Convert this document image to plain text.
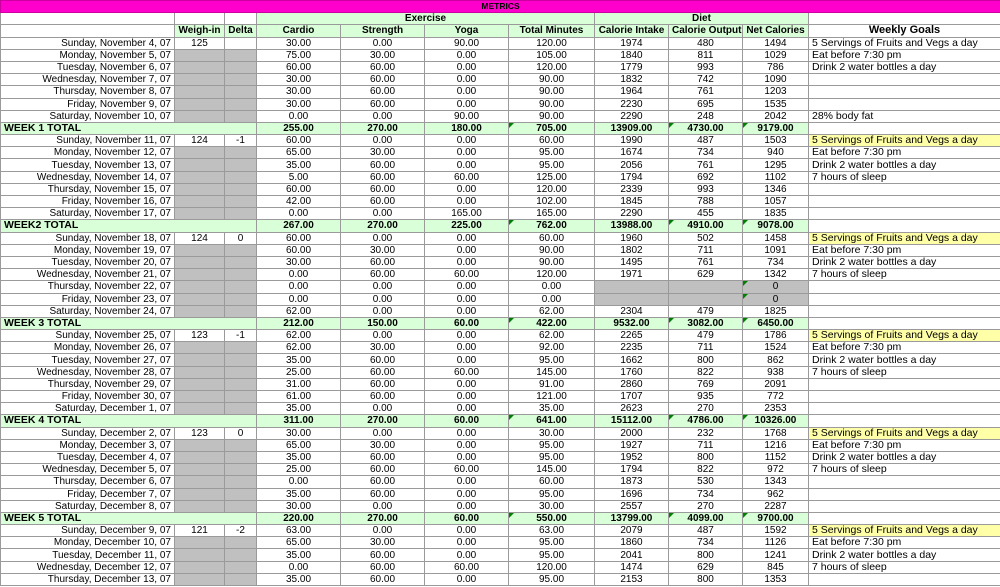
METRICS										
			Exercise				Diet			
	Weigh-in	Delta	Cardio	Strength	Yoga	Total Minutes	Calorie Intake	Calorie Output	Net Calories	Weekly Goals
Sunday, November 4, 07	125		30.00	0.00	90.00	120.00	1974	480	1494	5 Servings of Fruits and Vegs a day
Monday, November 5, 07			75.00	30.00	0.00	105.00	1840	811	1029	Eat before 7:30 pm
Tuesday, November 6, 07			60.00	60.00	0.00	120.00	1779	993	786	Drink 2 water bottles a day
Wednesday, November 7, 07			30.00	60.00	0.00	90.00	1832	742	1090	
Thursday, November 8, 07			30.00	60.00	0.00	90.00	1964	761	1203	
Friday, November 9, 07			30.00	60.00	0.00	90.00	2230	695	1535	
Saturday, November 10, 07			0.00	0.00	90.00	90.00	2290	248	2042	28% body fat
WEEK 1 TOTAL			255.00	270.00	180.00	705.00	13909.00	4730.00	9179.00	
Sunday, November 11, 07	124	-1	60.00	0.00	0.00	60.00	1990	487	1503	5 Servings of Fruits and Vegs a day
Monday, November 12, 07			65.00	30.00	0.00	95.00	1674	734	940	Eat before 7:30 pm
Tuesday, November 13, 07			35.00	60.00	0.00	95.00	2056	761	1295	Drink 2 water bottles a day
Wednesday, November 14, 07			5.00	60.00	60.00	125.00	1794	692	1102	7 hours of sleep
Thursday, November 15, 07			60.00	60.00	0.00	120.00	2339	993	1346	
Friday, November 16, 07			42.00	60.00	0.00	102.00	1845	788	1057	
Saturday, November 17, 07			0.00	0.00	165.00	165.00	2290	455	1835	
WEEK2 TOTAL			267.00	270.00	225.00	762.00	13988.00	4910.00	9078.00	
Sunday, November 18, 07	124	0	60.00	0.00	0.00	60.00	1960	502	1458	5 Servings of Fruits and Vegs a day
Monday, November 19, 07			60.00	30.00	0.00	90.00	1802	711	1091	Eat before 7:30 pm
Tuesday, November 20, 07			30.00	60.00	0.00	90.00	1495	761	734	Drink 2 water bottles a day
Wednesday, November 21, 07			0.00	60.00	60.00	120.00	1971	629	1342	7 hours of sleep
Thursday, November 22, 07			0.00	0.00	0.00	0.00			0	
Friday, November 23, 07			0.00	0.00	0.00	0.00			0	
Saturday, November 24, 07			62.00	0.00	0.00	62.00	2304	479	1825	
WEEK 3 TOTAL			212.00	150.00	60.00	422.00	9532.00	3082.00	6450.00	
Sunday, November 25, 07	123	-1	62.00	0.00	0.00	62.00	2265	479	1786	5 Servings of Fruits and Vegs a day
Monday, November 26, 07			62.00	30.00	0.00	92.00	2235	711	1524	Eat before 7:30 pm
Tuesday, November 27, 07			35.00	60.00	0.00	95.00	1662	800	862	Drink 2 water bottles a day
Wednesday, November 28, 07			25.00	60.00	60.00	145.00	1760	822	938	7 hours of sleep
Thursday, November 29, 07			31.00	60.00	0.00	91.00	2860	769	2091	
Friday, November 30, 07			61.00	60.00	0.00	121.00	1707	935	772	
Saturday, December 1, 07			35.00	0.00	0.00	35.00	2623	270	2353	
WEEK 4 TOTAL			311.00	270.00	60.00	641.00	15112.00	4786.00	10326.00	
Sunday, December 2, 07	123	0	30.00	0.00	0.00	30.00	2000	232	1768	5 Servings of Fruits and Vegs a day
Monday, December 3, 07			65.00	30.00	0.00	95.00	1927	711	1216	Eat before 7:30 pm
Tuesday, December 4, 07			35.00	60.00	0.00	95.00	1952	800	1152	Drink 2 water bottles a day
Wednesday, December 5, 07			25.00	60.00	60.00	145.00	1794	822	972	7 hours of sleep
Thursday, December 6, 07			0.00	60.00	0.00	60.00	1873	530	1343	
Friday, December 7, 07			35.00	60.00	0.00	95.00	1696	734	962	
Saturday, December 8, 07			30.00	0.00	0.00	30.00	2557	270	2287	
WEEK 5 TOTAL			220.00	270.00	60.00	550.00	13799.00	4099.00	9700.00	
Sunday, December 9, 07	121	-2	63.00	0.00	0.00	63.00	2079	487	1592	5 Servings of Fruits and Vegs a day
Monday, December 10, 07			65.00	30.00	0.00	95.00	1860	734	1126	Eat before 7:30 pm
Tuesday, December 11, 07			35.00	60.00	0.00	95.00	2041	800	1241	Drink 2 water bottles a day
Wednesday, December 12, 07			0.00	60.00	60.00	120.00	1474	629	845	7 hours of sleep
Thursday, December 13, 07			35.00	60.00	0.00	95.00	2153	800	1353	
